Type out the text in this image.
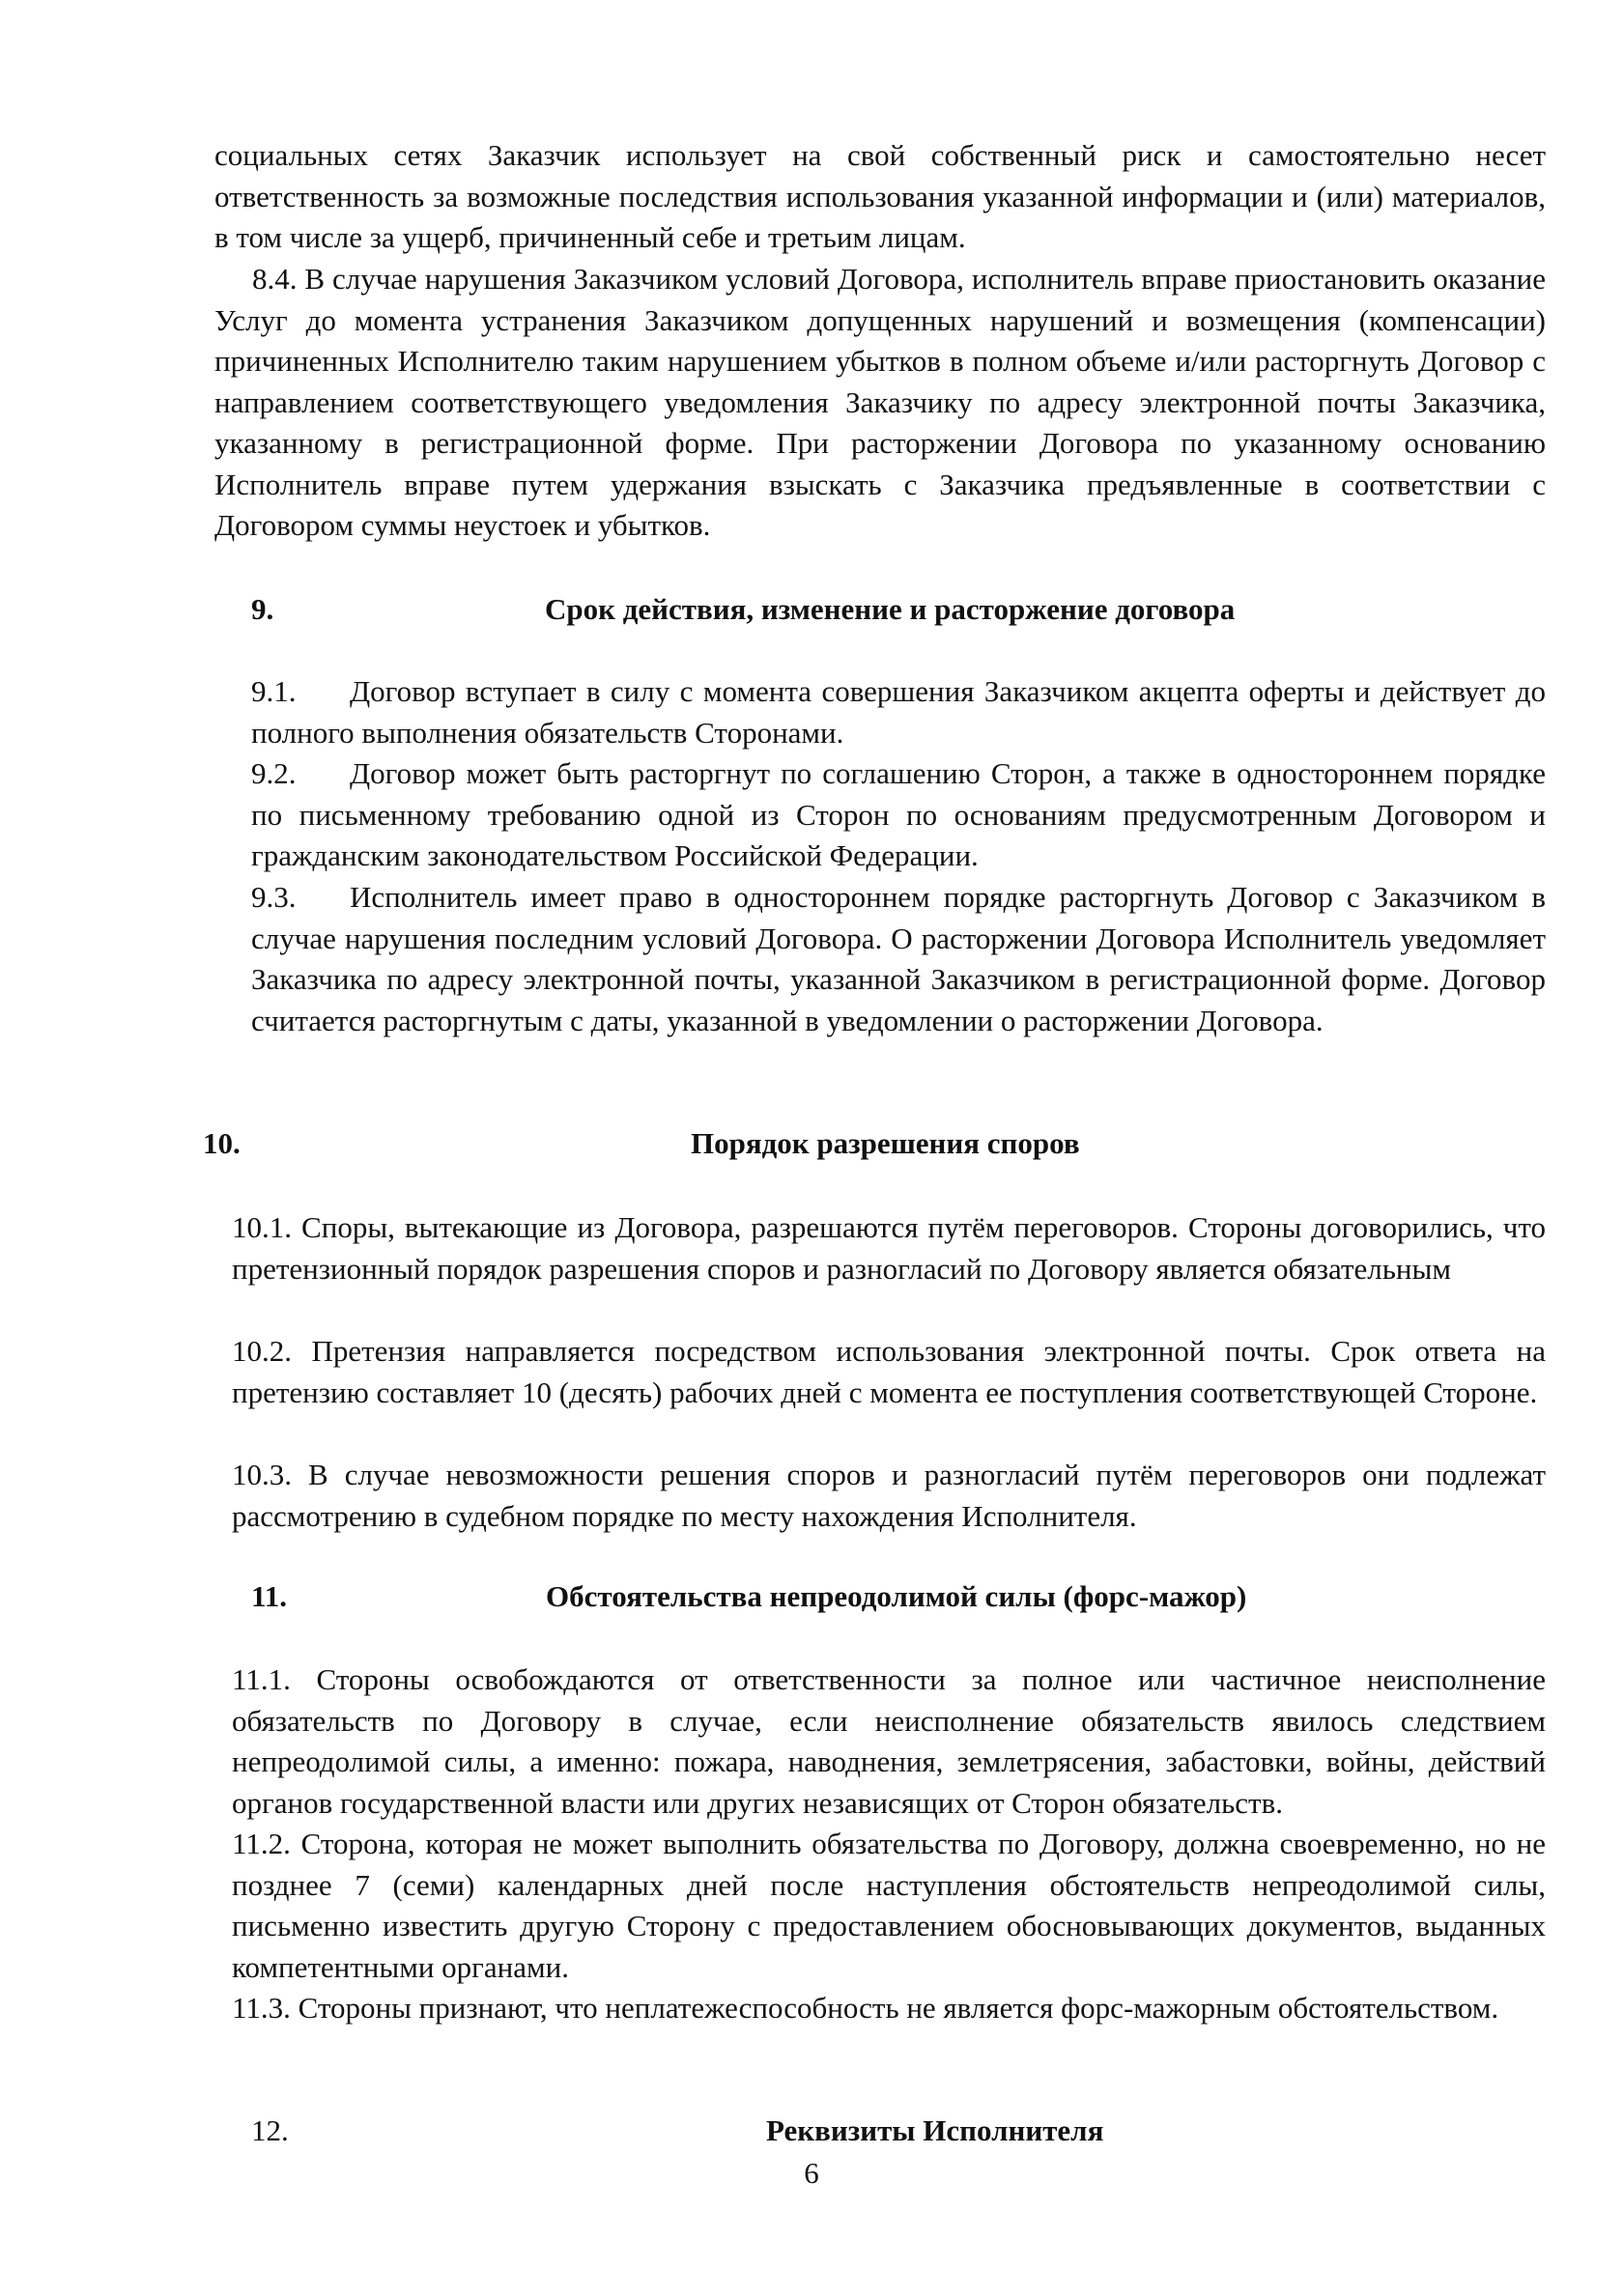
социальных сетях Заказчик использует на свой собственный риск и самостоятельно несет ответственность за возможные последствия использования указанной информации и (или) материалов, в том числе за ущерб, причиненный себе и третьим лицам.

8.4. В случае нарушения Заказчиком условий Договора, исполнитель вправе приостановить оказание Услуг до момента устранения Заказчиком допущенных нарушений и возмещения (компенсации) причиненных Исполнителю таким нарушением убытков в полном объеме и/или расторгнуть Договор с направлением соответствующего уведомления Заказчику по адресу электронной почты Заказчика, указанному в регистрационной форме. При расторжении Договора по указанному основанию Исполнитель вправе путем удержания взыскать с Заказчика предъявленные в соответствии с Договором суммы неустоек и убытков.

9.	Срок действия, изменение и расторжение договора

9.1. Договор вступает в силу с момента совершения Заказчиком акцепта оферты и действует до полного выполнения обязательств Сторонами.

9.2. Договор может быть расторгнут по соглашению Сторон, а также в одностороннем порядке по письменному требованию одной из Сторон по основаниям предусмотренным Договором и гражданским законодательством Российской Федерации.

9.3. Исполнитель имеет право в одностороннем порядке расторгнуть Договор с Заказчиком в случае нарушения последним условий Договора. О расторжении Договора Исполнитель уведомляет Заказчика по адресу электронной почты, указанной Заказчиком в регистрационной форме. Договор считается расторгнутым с даты, указанной в уведомлении о расторжении Договора.

10.	Порядок разрешения споров

10.1. Споры, вытекающие из Договора, разрешаются путём переговоров. Стороны договорились, что претензионный порядок разрешения споров и разногласий по Договору является обязательным

10.2. Претензия направляется посредством использования электронной почты. Срок ответа на претензию составляет 10 (десять) рабочих дней с момента ее поступления соответствующей Стороне.

10.3. В случае невозможности решения споров и разногласий путём переговоров они подлежат рассмотрению в судебном порядке по месту нахождения Исполнителя.

11.	Обстоятельства непреодолимой силы (форс-мажор)

11.1. Стороны освобождаются от ответственности за полное или частичное неисполнение обязательств по Договору в случае, если неисполнение обязательств явилось следствием непреодолимой силы, а именно: пожара, наводнения, землетрясения, забастовки, войны, действий органов государственной власти или других независящих от Сторон обязательств.

11.2. Сторона, которая не может выполнить обязательства по Договору, должна своевременно, но не позднее 7 (семи) календарных дней после наступления обстоятельств непреодолимой силы, письменно известить другую Сторону с предоставлением обосновывающих документов, выданных компетентными органами.

11.3. Стороны признают, что неплатежеспособность не является форс-мажорным обстоятельством.

12.	Реквизиты Исполнителя

6
